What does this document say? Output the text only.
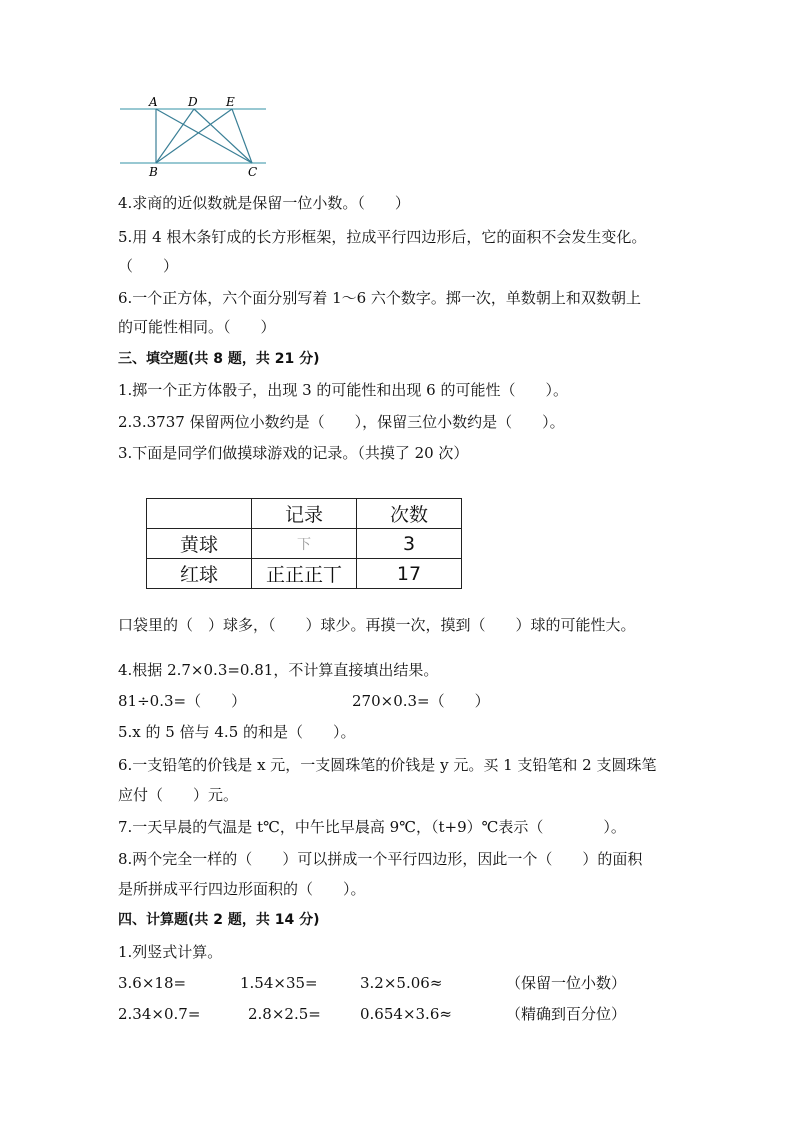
A	D E
B	C
4.求商的近似数就是保留一位小数。（　　）
5.用 4 根木条钉成的长方形框架，拉成平行四边形后，它的面积不会发生变化。
（　　）
6.一个正方体，六个面分别写着 1～6 六个数字。掷一次，单数朝上和双数朝上
的可能性相同。（　　）
三、填空题(共 8 题，共 21 分)
1.掷一个正方体骰子，出现 3 的可能性和出现 6 的可能性（　　）。
2.3.3737 保留两位小数约是（　　），保留三位小数约是（　　）。
3.下面是同学们做摸球游戏的记录。（共摸了 20 次）
	记录	次数
黄球	下	3
红球	正正正丅	17
口袋里的（　）球多，（　　）球少。再摸一次，摸到（　　）球的可能性大。
4.根据 2.7×0.3=0.81，不计算直接填出结果。
81÷0.3=（　　）	270×0.3=（　　）
5.x 的 5 倍与 4.5 的和是（　　）。
6.一支铅笔的价钱是 x 元，一支圆珠笔的价钱是 y 元。买 1 支铅笔和 2 支圆珠笔
应付（　　）元。
7.一天早晨的气温是 t℃，中午比早晨高 9℃，（t+9）℃表示（　　　　）。
8.两个完全一样的（　　）可以拼成一个平行四边形，因此一个（　　）的面积
是所拼成平行四边形面积的（　　）。
四、计算题(共 2 题，共 14 分)
1.列竖式计算。
3.6×18=	1.54×35=	3.2×5.06≈	（保留一位小数）
2.34×0.7=	2.8×2.5=	0.654×3.6≈	（精确到百分位）
